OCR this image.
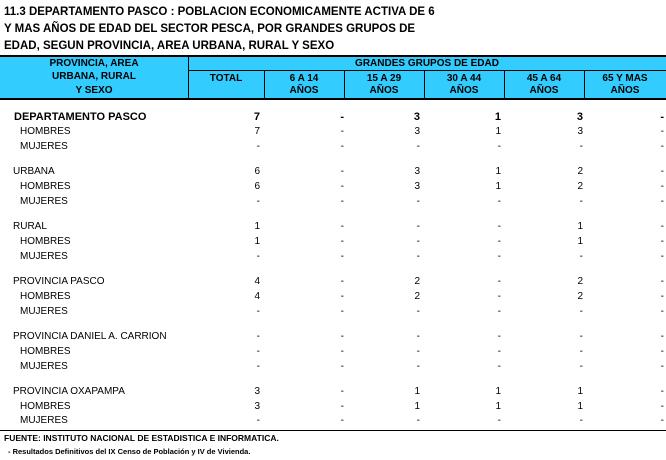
11.3 DEPARTAMENTO PASCO : POBLACION ECONOMICAMENTE ACTIVA DE 6
Y MAS AÑOS DE EDAD DEL SECTOR PESCA, POR GRANDES GRUPOS DE
EDAD, SEGUN PROVINCIA, AREA URBANA, RURAL Y SEXO
PROVINCIA, AREA
URBANA, RURAL
Y SEXO
GRANDES GRUPOS DE EDAD
TOTAL	6 A 14
AÑOS
15 A 29
AÑOS
30 A 44
AÑOS
45 A 64
AÑOS
65 Y MAS
AÑOS
DEPARTAMENTO PASCO	7	-	3	1	3	-
HOMBRES	7	-	3	1	3	-
MUJERES	-	-	-	-	-	-
URBANA	6	-	3	1	2	-
HOMBRES	6	-	3	1	2	-
MUJERES	-	-	-	-	-	-
RURAL	1	-	-	-	1	-
HOMBRES	1	-	-	-	1	-
MUJERES	-	-	-	-	-	-
PROVINCIA PASCO	4	-	2	-	2	-
HOMBRES	4	-	2	-	2	-
MUJERES	-	-	-	-	-	-
PROVINCIA DANIEL A. CARRION	-	-	-	-	-	-
HOMBRES	-	-	-	-	-	-
MUJERES	-	-	-	-	-	-
PROVINCIA OXAPAMPA	3	-	1	1	1	-
HOMBRES	3	-	1	1	1	-
MUJERES	-	-	-	-	-	-
FUENTE: INSTITUTO NACIONAL DE ESTADISTICA E INFORMATICA.
- Resultados Definitivos del IX Censo de Población y IV de Vivienda.
